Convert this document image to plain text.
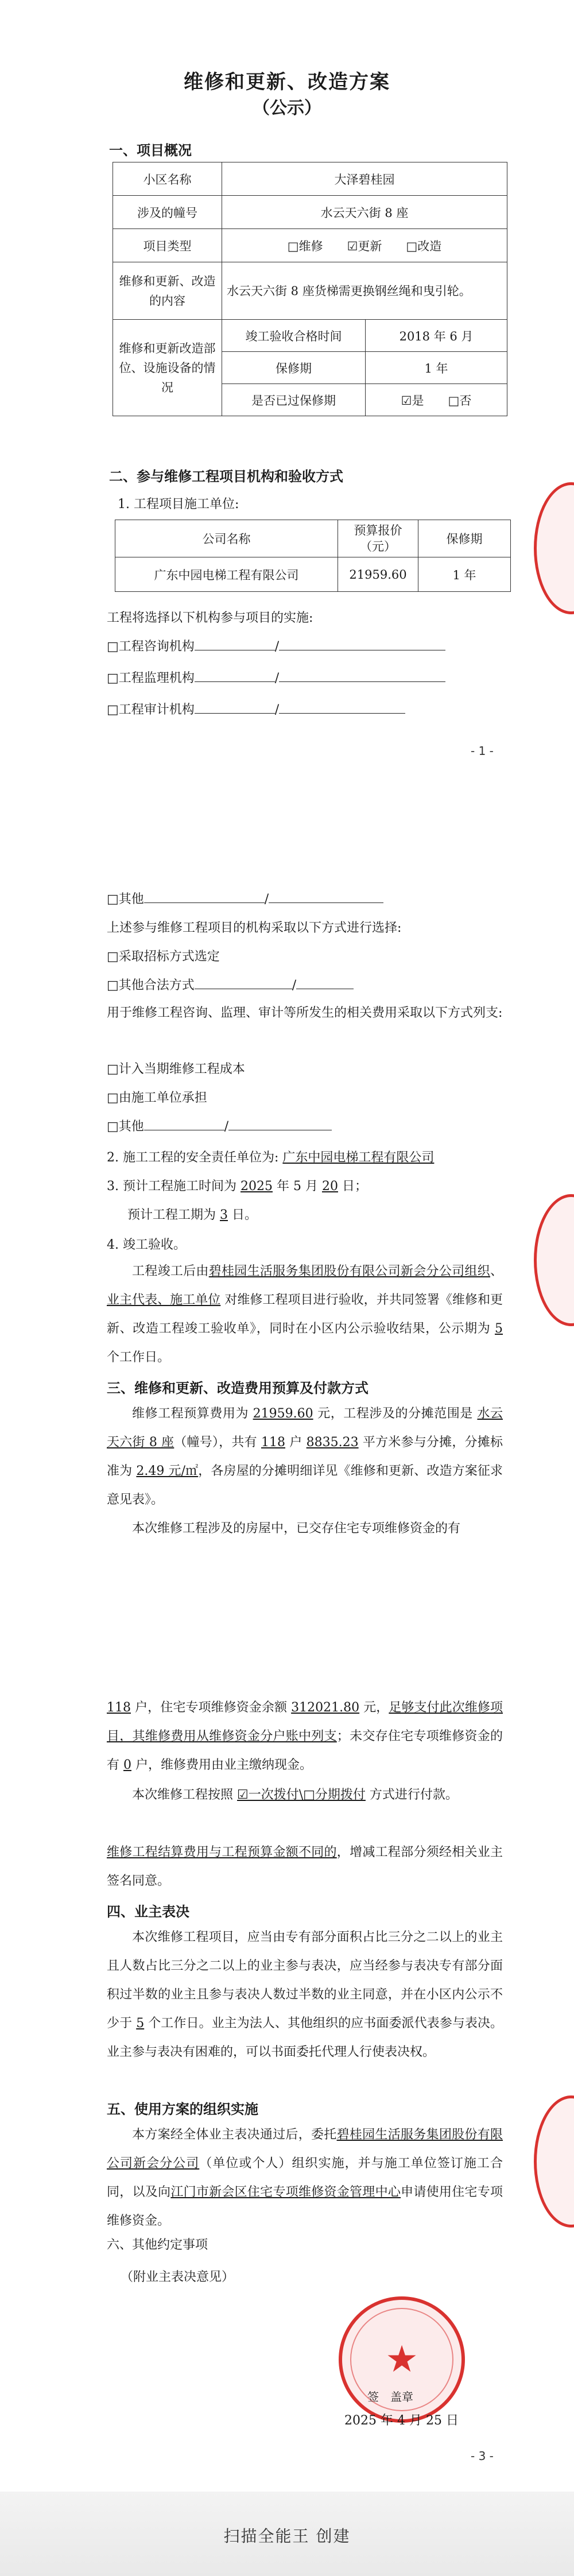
维修和更新、改造方案
（公示）
一、项目概况
小区名称	大泽碧桂园	
涉及的幢号	水云天六街 8 座	
项目类型	□维修　　☑更新　　□改造	
维修和更新、改造的内容	水云天六街 8 座货梯需更换钢丝绳和曳引轮。	
维修和更新改造部位、设施设备的情况	竣工验收合格时间	2018 年 6 月
	保修期	1 年
	是否已过保修期	☑是　　□否
二、参与维修工程项目机构和验收方式
1. 工程项目施工单位:
公司名称	预算报价（元）	保修期
广东中园电梯工程有限公司	21959.60	1 年
工程将选择以下机构参与项目的实施:
□工程咨询机构	/
□工程监理机构	/
□工程审计机构	/
- 1 -
□其他	/
上述参与维修工程项目的机构采取以下方式进行选择:
□采取招标方式选定
□其他合法方式	/
用于维修工程咨询、监理、审计等所发生的相关费用采取以下方式列支:
□计入当期维修工程成本
□由施工单位承担
□其他	/
2. 施工工程的安全责任单位为: 广东中园电梯工程有限公司
3. 预计工程施工时间为 2025 年 5 月 20 日；
预计工程工期为 3 日。
4. 竣工验收。
工程竣工后由碧桂园生活服务集团股份有限公司新会分公司组织、业主代表、施工单位 对维修工程项目进行验收，并共同签署《维修和更新、改造工程竣工验收单》，同时在小区内公示验收结果，公示期为 5 个工作日。
三、维修和更新、改造费用预算及付款方式
维修工程预算费用为 21959.60 元，工程涉及的分摊范围是 水云天六街 8 座（幢号），共有 118 户 8835.23 平方米参与分摊，分摊标准为 2.49 元/㎡，各房屋的分摊明细详见《维修和更新、改造方案征求意见表》。
本次维修工程涉及的房屋中，已交存住宅专项维修资金的有
118 户，住宅专项维修资金余额 312021.80 元，足够支付此次维修项目，其维修费用从维修资金分户账中列支；未交存住宅专项维修资金的有 0 户，维修费用由业主缴纳现金。
本次维修工程按照 ☑一次拨付\□分期拨付 方式进行付款。
维修工程结算费用与工程预算金额不同的，增减工程部分须经相关业主签名同意。
四、业主表决
本次维修工程项目，应当由专有部分面积占比三分之二以上的业主且人数占比三分之二以上的业主参与表决，应当经参与表决专有部分面积过半数的业主且参与表决人数过半数的业主同意，并在小区内公示不少于 5 个工作日。业主为法人、其他组织的应书面委派代表参与表决。业主参与表决有困难的，可以书面委托代理人行使表决权。
五、使用方案的组织实施
本方案经全体业主表决通过后，委托碧桂园生活服务集团股份有限公司新会分公司（单位或个人）组织实施，并与施工单位签订施工合同，以及向江门市新会区住宅专项维修资金管理中心申请使用住宅专项维修资金。
六、其他约定事项
（附业主表决意见）
★
签　盖章
2025 年 4 月 25 日
- 3 -
扫描全能王 创建
